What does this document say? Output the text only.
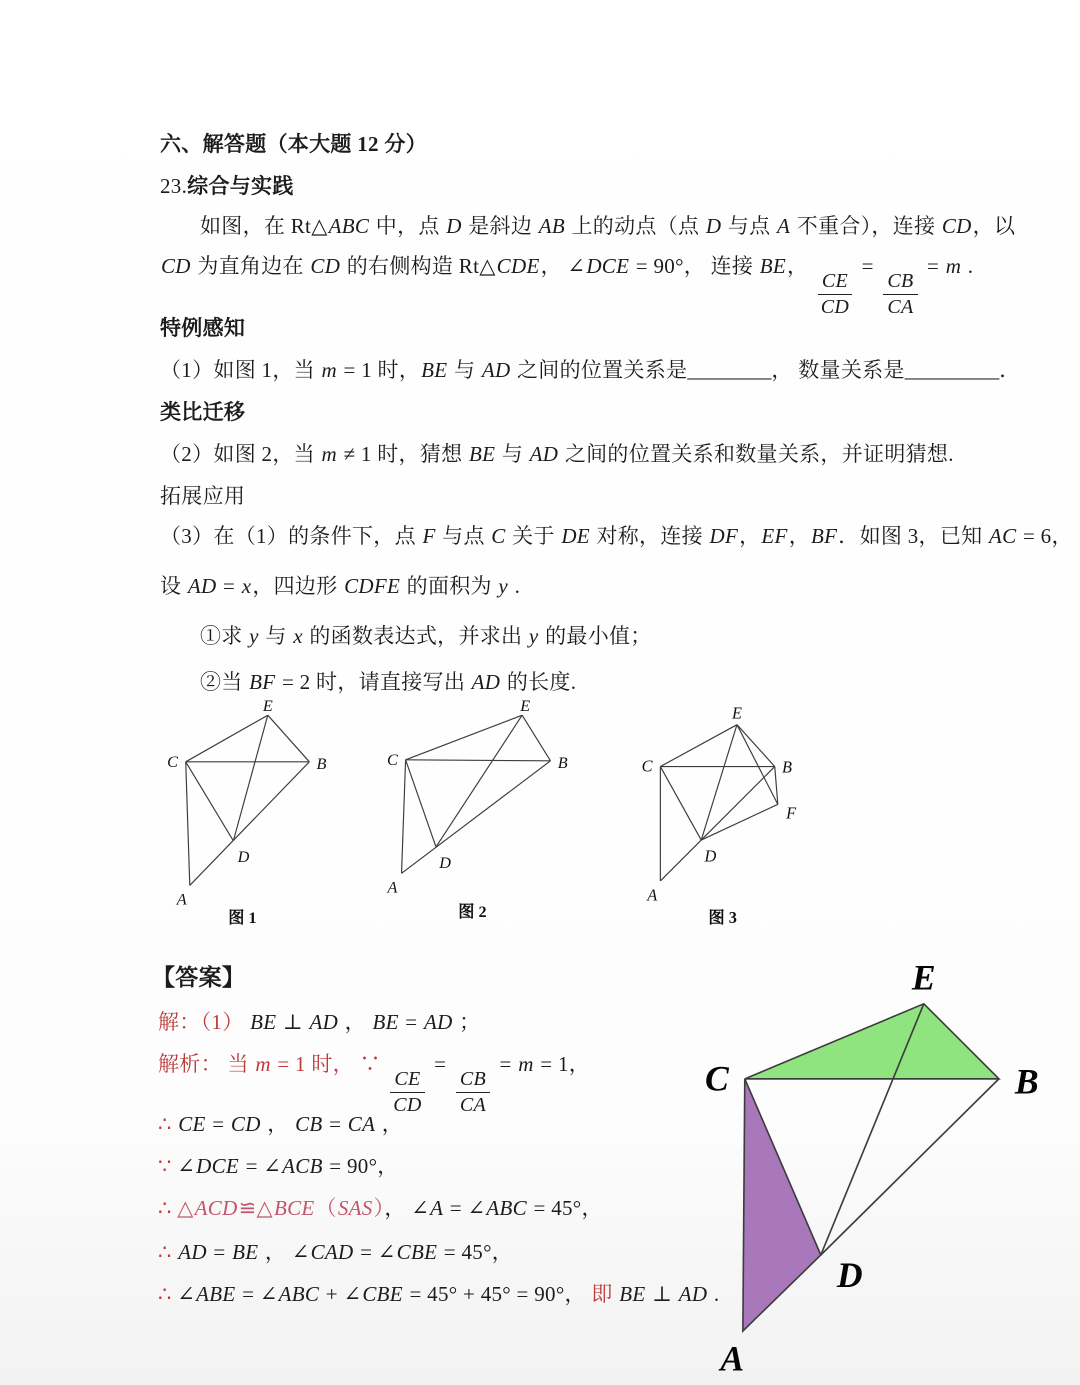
六、解答题（本大题 12 分）
23.综合与实践
如图，在 Rt△ABC 中，点 D 是斜边 AB 上的动点（点 D 与点 A 不重合），连接 CD，以
CD 为直角边在 CD 的右侧构造 Rt△CDE， ∠DCE = 90°， 连接 BE，
$\frac{CE}{CD}$
=
$\frac{CB}{CA}$
= m .
特例感知
（1）如图 1，当 m = 1 时，BE 与 AD 之间的位置关系是________， 数量关系是_________．
类比迁移
（2）如图 2，当 m ≠ 1 时，猜想 BE 与 AD 之间的位置关系和数量关系，并证明猜想.
拓展应用
（3）在（1）的条件下，点 F 与点 C 关于 DE 对称，连接 DF，EF，BF．如图 3，已知 AC = 6，
设 AD = x，四边形 CDFE 的面积为 y .
①求 y 与 x 的函数表达式，并求出 y 的最小值；
②当 BF = 2 时，请直接写出 AD 的长度.
E
C	B
D
A
图 1
E
C	B
D
A
图 2
E
C	B
F
D
A
图 3
【答案】
解：（1） BE ⊥ AD ， BE = AD ；
解析： 当 m = 1 时， ∵
$\frac{CE}{CD}$
=
$\frac{CB}{CA}$
= m = 1，
∴ CE = CD ， CB = CA ，
∵ ∠DCE = ∠ACB = 90°，
∴ △ACD≌△BCE（SAS）， ∠A = ∠ABC = 45°，
∴ AD = BE ， ∠CAD = ∠CBE = 45°，
∴ ∠ABE = ∠ABC + ∠CBE = 45° + 45° = 90°， 即 BE ⊥ AD .
E
C	B
D
A
